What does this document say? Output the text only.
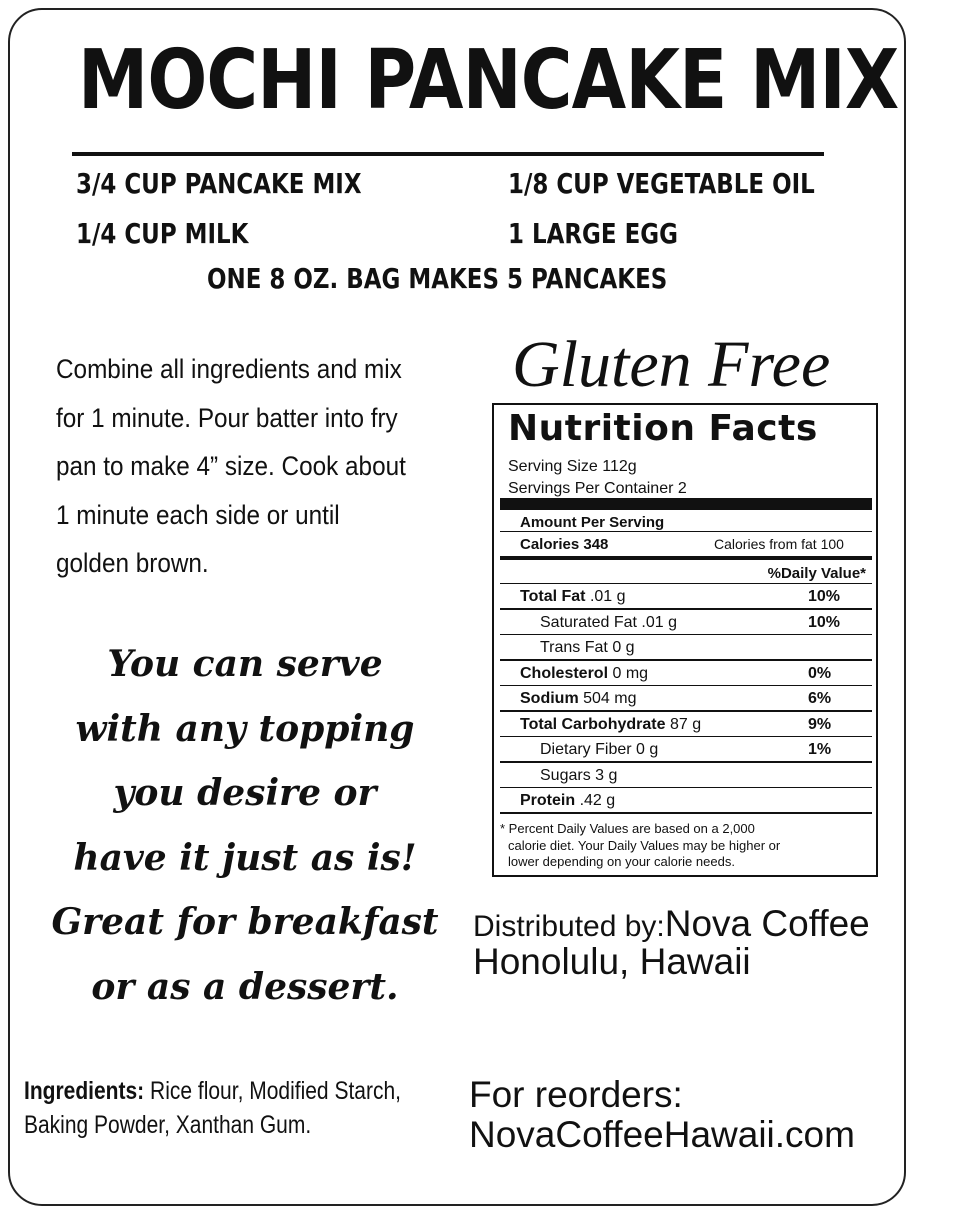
MOCHI PANCAKE MIX
3/4 CUP PANCAKE MIX
1/4 CUP MILK
1/8 CUP VEGETABLE OIL
1 LARGE EGG
ONE 8 OZ. BAG MAKES 5 PANCAKES
Combine all ingredients and mix
for 1 minute. Pour batter into fry
pan to make 4” size. Cook about
1 minute each side or until
golden brown.
You can serve
with any topping
you desire or
have it just as is!
Great for breakfast
or as a dessert.
Gluten Free
Nutrition Facts
Serving Size 112g
Servings Per Container 2
Amount Per Serving
Calories 348	Calories from fat 100
%Daily Value*
Total Fat .01 g	10%
Saturated Fat .01 g	10%
Trans Fat 0 g
Cholesterol 0 mg	0%
Sodium 504 mg	6%
Total Carbohydrate 87 g	9%
Dietary Fiber 0 g	1%
Sugars 3 g
Protein .42 g
* Percent Daily Values are based on a 2,000
calorie diet. Your Daily Values may be higher or
lower depending on your calorie needs.
Distributed by:Nova Coffee
Honolulu, Hawaii
For reorders:
NovaCoffeeHawaii.com
Ingredients: Rice flour, Modified Starch,
Baking Powder, Xanthan Gum.
